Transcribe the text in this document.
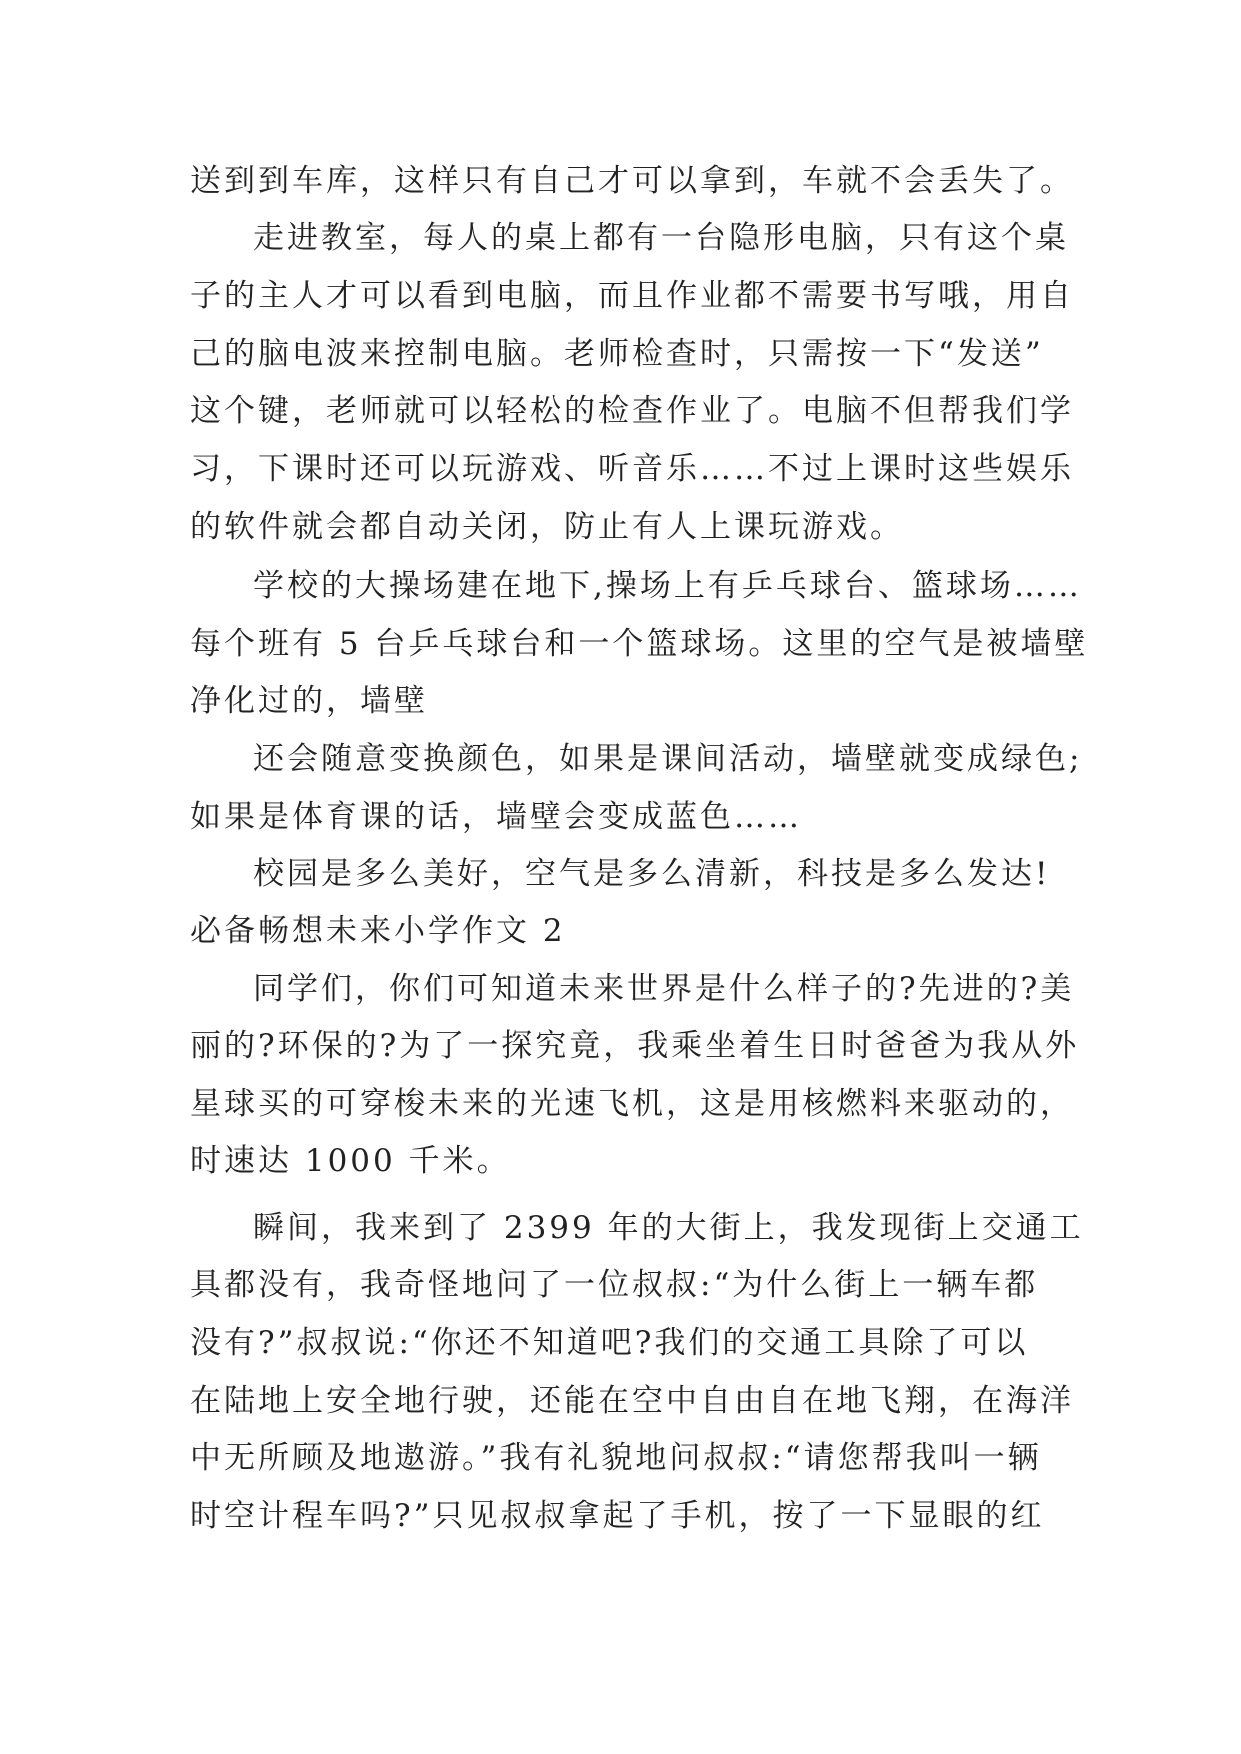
送到到车库，这样只有自己才可以拿到，车就不会丢失了。
走进教室，每人的桌上都有一台隐形电脑，只有这个桌
子的主人才可以看到电脑，而且作业都不需要书写哦，用自
己的脑电波来控制电脑。老师检查时，只需按一下“发送”
这个键，老师就可以轻松的检查作业了。电脑不但帮我们学
习，下课时还可以玩游戏、听音乐……不过上课时这些娱乐
的软件就会都自动关闭，防止有人上课玩游戏。
学校的大操场建在地下,操场上有乒乓球台、篮球场……
每个班有 5 台乒乓球台和一个篮球场。这里的空气是被墙壁
净化过的，墙壁
还会随意变换颜色，如果是课间活动，墙壁就变成绿色;
如果是体育课的话，墙壁会变成蓝色……
校园是多么美好，空气是多么清新，科技是多么发达!
必备畅想未来小学作文 2
同学们，你们可知道未来世界是什么样子的?先进的?美
丽的?环保的?为了一探究竟，我乘坐着生日时爸爸为我从外
星球买的可穿梭未来的光速飞机，这是用核燃料来驱动的，
时速达 1000 千米。
瞬间，我来到了 2399 年的大街上，我发现街上交通工
具都没有，我奇怪地问了一位叔叔:“为什么街上一辆车都
没有?”叔叔说:“你还不知道吧?我们的交通工具除了可以
在陆地上安全地行驶，还能在空中自由自在地飞翔，在海洋
中无所顾及地遨游。”我有礼貌地问叔叔:“请您帮我叫一辆
时空计程车吗?”只见叔叔拿起了手机，按了一下显眼的红
